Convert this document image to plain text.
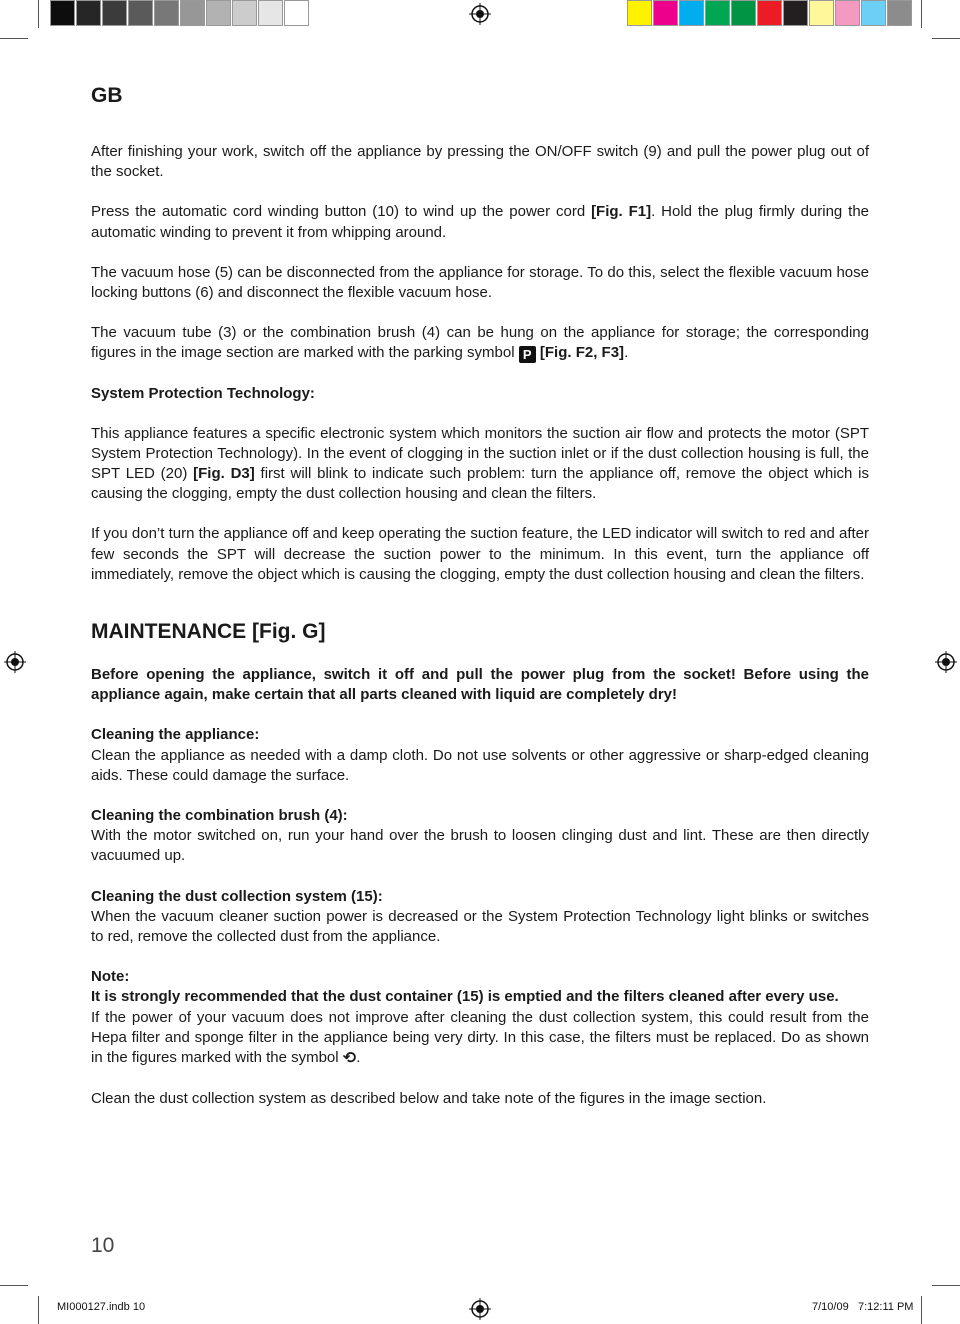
GB

After finishing your work, switch off the appliance by pressing the ON/OFF switch (9) and pull the power plug out of the socket.

Press the automatic cord winding button (10) to wind up the power cord [Fig. F1]. Hold the plug firmly during the automatic winding to prevent it from whipping around.

The vacuum hose (5) can be disconnected from the appliance for storage. To do this, select the flexible vacuum hose locking buttons (6) and disconnect the flexible vacuum hose.

The vacuum tube (3) or the combination brush (4) can be hung on the appliance for storage; the corresponding figures in the image section are marked with the parking symbol P [Fig. F2, F3].

System Protection Technology:

This appliance features a specific electronic system which monitors the suction air flow and protects the motor (SPT System Protection Technology). In the event of clogging in the suction inlet or if the dust collection housing is full, the SPT LED (20) [Fig. D3] first will blink to indicate such problem: turn the appliance off, remove the object which is causing the clogging, empty the dust collection housing and clean the filters.

If you don’t turn the appliance off and keep operating the suction feature, the LED indicator will switch to red and after few seconds the SPT will decrease the suction power to the minimum. In this event, turn the appliance off immediately, remove the object which is causing the clogging, empty the dust collection housing and clean the filters.

MAINTENANCE [Fig. G]

Before opening the appliance, switch it off and pull the power plug from the socket! Before using the appliance again, make certain that all parts cleaned with liquid are completely dry!

Cleaning the appliance:
Clean the appliance as needed with a damp cloth. Do not use solvents or other aggressive or sharp-edged cleaning aids. These could damage the surface.
Cleaning the combination brush (4):
With the motor switched on, run your hand over the brush to loosen clinging dust and lint. These are then directly vacuumed up.
Cleaning the dust collection system (15):
When the vacuum cleaner suction power is decreased or the System Protection Technology light blinks or switches to red, remove the collected dust from the appliance.
Note:
It is strongly recommended that the dust container (15) is emptied and the filters cleaned after every use.
If the power of your vacuum does not improve after cleaning the dust collection system, this could result from the Hepa filter and sponge filter in the appliance being very dirty. In this case, the filters must be replaced. Do as shown in the figures marked with the symbol ⟲.

Clean the dust collection system as described below and take note of the figures in the image section.

10
MI000127.indb 10	7/10/09 7:12:11 PM
